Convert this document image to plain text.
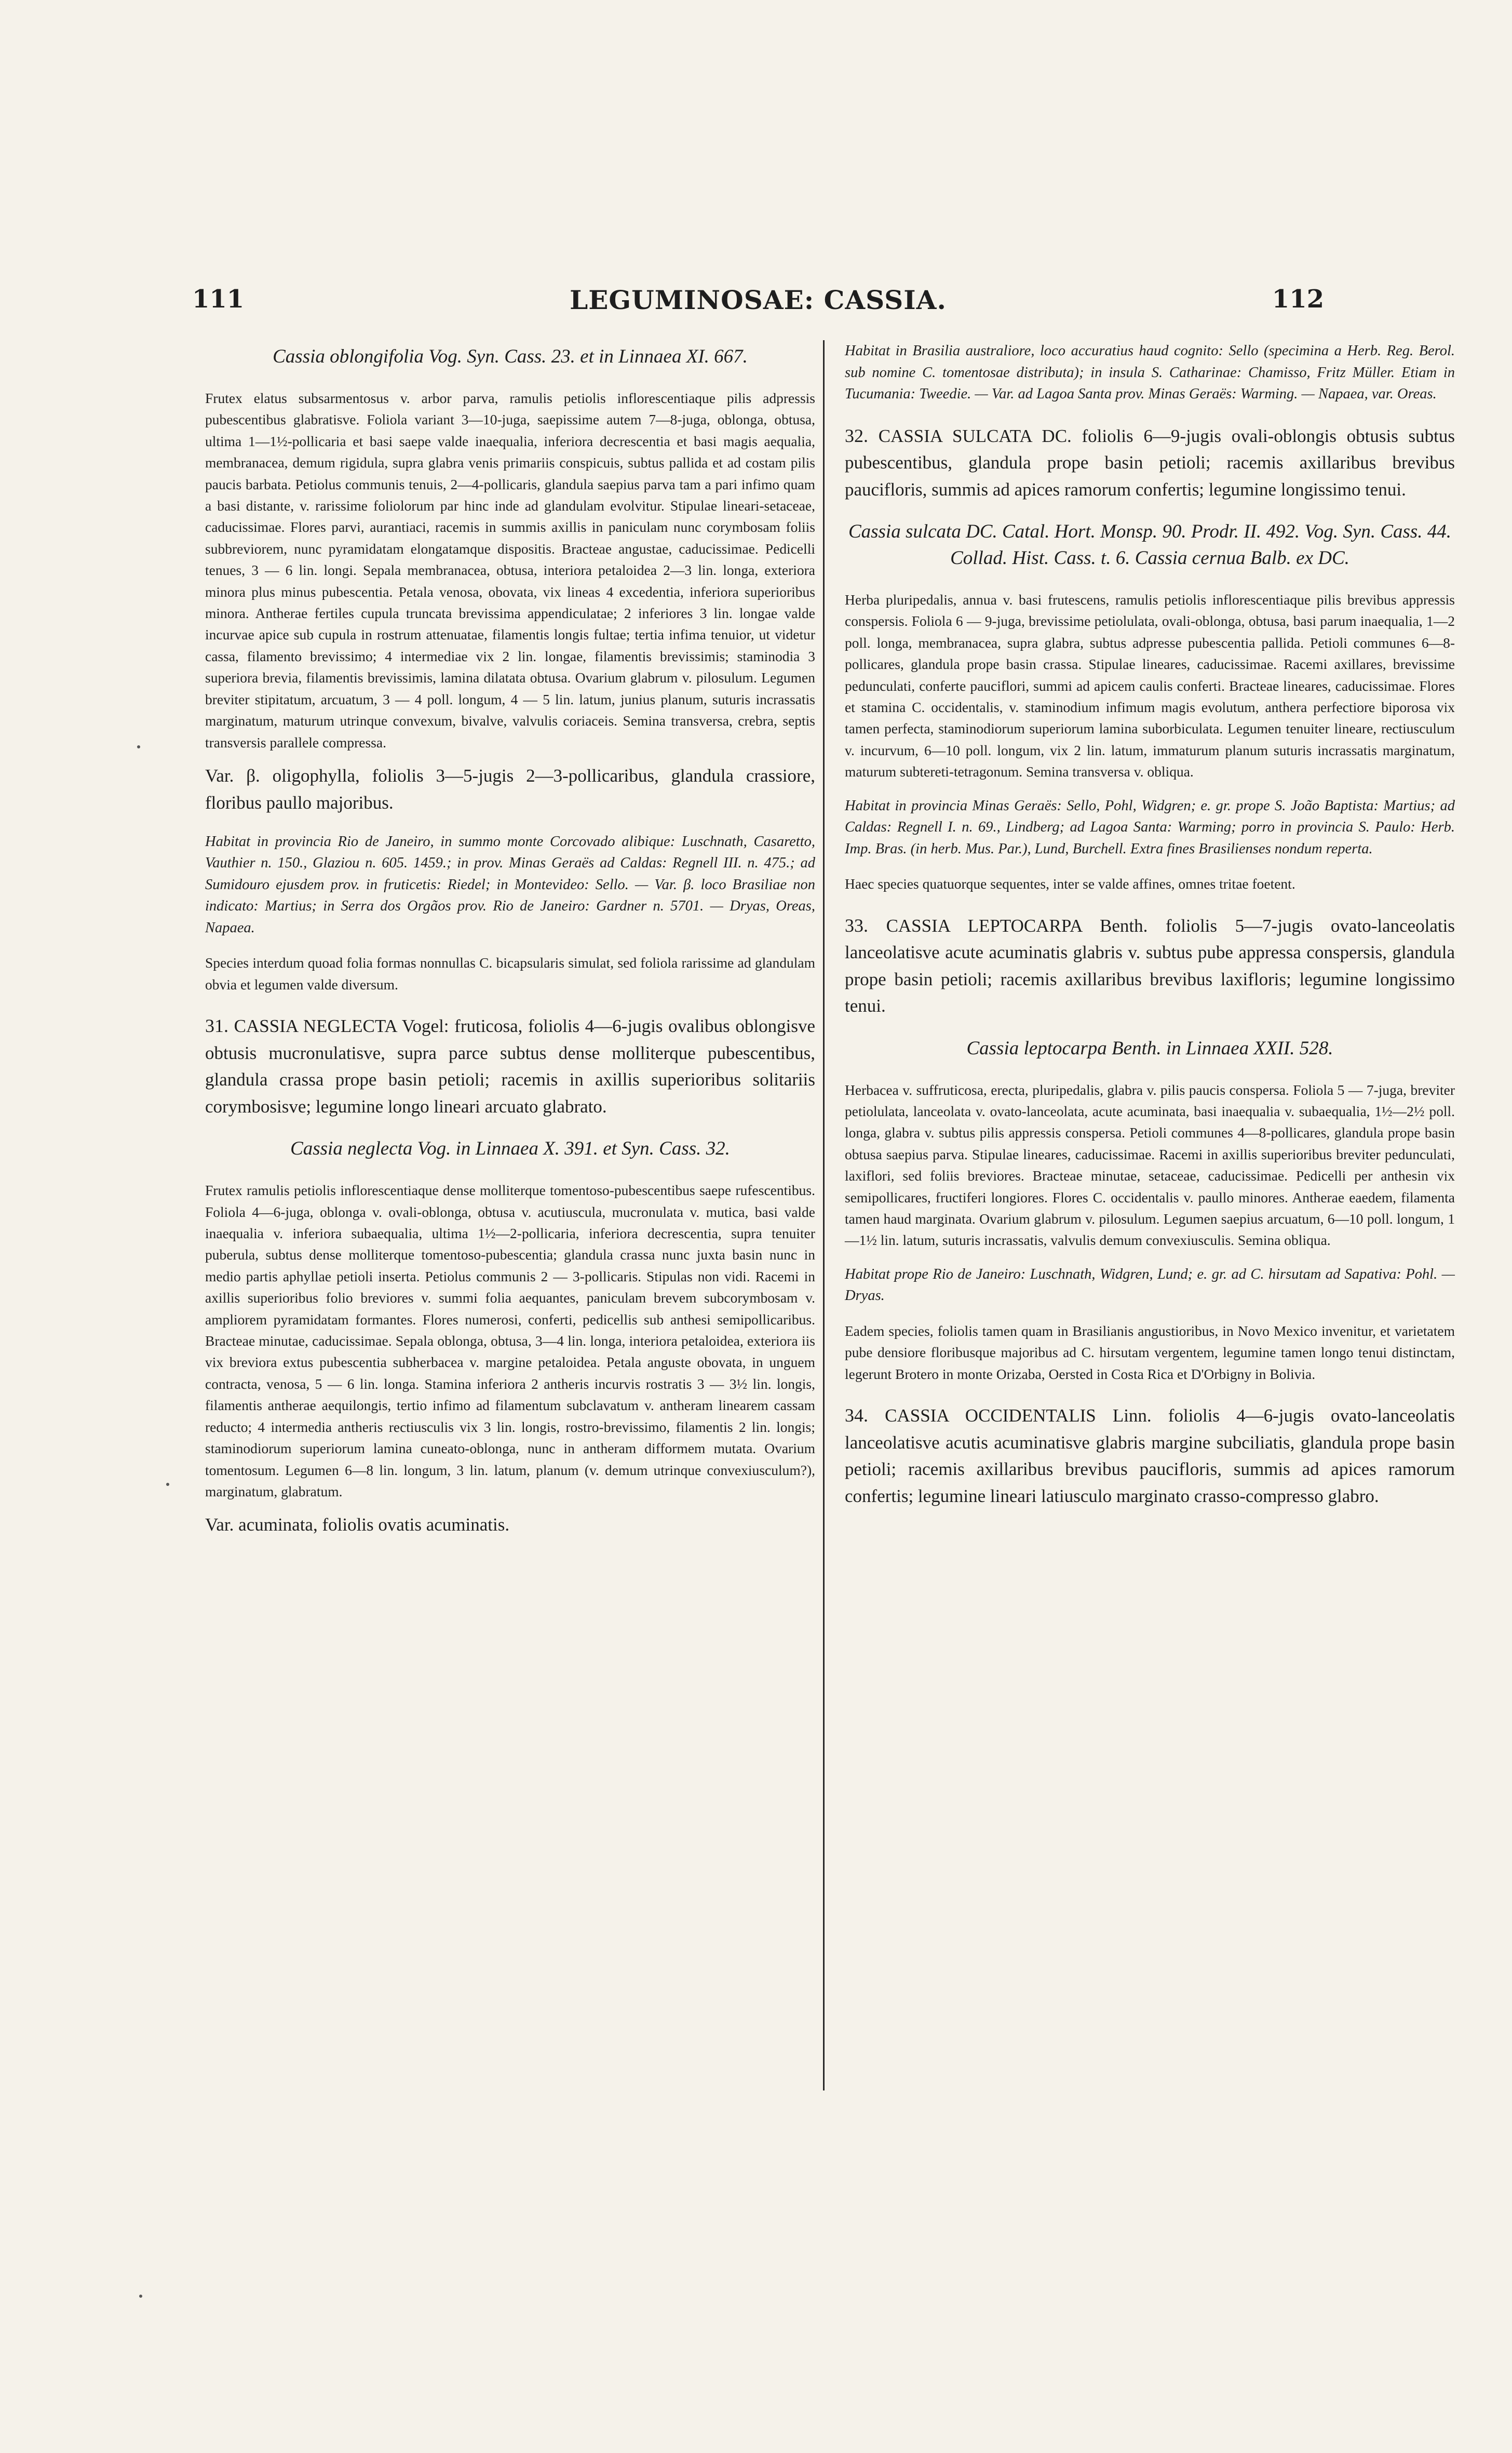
111	LEGUMINOSAE: CASSIA.	112

Cassia oblongifolia Vog. Syn. Cass. 23. et in Linnaea XI. 667.

Frutex elatus subsarmentosus v. arbor parva, ramulis petiolis inflorescentiaque pilis adpressis pubescentibus glabratisve. Foliola variant 3—10-juga, saepissime autem 7—8-juga, oblonga, obtusa, ultima 1—1½-pollicaria et basi saepe valde inaequalia, inferiora decrescentia et basi magis aequalia, membranacea, demum rigidula, supra glabra venis primariis conspicuis, subtus pallida et ad costam pilis paucis barbata. Petiolus communis tenuis, 2—4-pollicaris, glandula saepius parva tam a pari infimo quam a basi distante, v. rarissime foliolorum par hinc inde ad glandulam evolvitur. Stipulae lineari-setaceae, caducissimae. Flores parvi, aurantiaci, racemis in summis axillis in paniculam nunc corymbosam foliis subbreviorem, nunc pyramidatam elongatamque dispositis. Bracteae angustae, caducissimae. Pedicelli tenues, 3 — 6 lin. longi. Sepala membranacea, obtusa, interiora petaloidea 2—3 lin. longa, exteriora minora plus minus pubescentia. Petala venosa, obovata, vix lineas 4 excedentia, inferiora superioribus minora. Antherae fertiles cupula truncata brevissima appendiculatae; 2 inferiores 3 lin. longae valde incurvae apice sub cupula in rostrum attenuatae, filamentis longis fultae; tertia infima tenuior, ut videtur cassa, filamento brevissimo; 4 intermediae vix 2 lin. longae, filamentis brevissimis; staminodia 3 superiora brevia, filamentis brevissimis, lamina dilatata obtusa. Ovarium glabrum v. pilosulum. Legumen breviter stipitatum, arcuatum, 3 — 4 poll. longum, 4 — 5 lin. latum, junius planum, suturis incrassatis marginatum, maturum utrinque convexum, bivalve, valvulis coriaceis. Semina transversa, crebra, septis transversis parallele compressa.

Var. β. oligophylla, foliolis 3—5-jugis 2—3-pollicaribus, glandula crassiore, floribus paullo majoribus.

Habitat in provincia Rio de Janeiro, in summo monte Corcovado alibique: Luschnath, Casaretto, Vauthier n. 150., Glaziou n. 605. 1459.; in prov. Minas Geraës ad Caldas: Regnell III. n. 475.; ad Sumidouro ejusdem prov. in fruticetis: Riedel; in Montevideo: Sello. — Var. β. loco Brasiliae non indicato: Martius; in Serra dos Orgãos prov. Rio de Janeiro: Gardner n. 5701. — Dryas, Oreas, Napaea.

Species interdum quoad folia formas nonnullas C. bicapsularis simulat, sed foliola rarissime ad glandulam obvia et legumen valde diversum.

31. CASSIA NEGLECTA Vogel: fruticosa, foliolis 4—6-jugis ovalibus oblongisve obtusis mucronulatisve, supra parce subtus dense molliterque pubescentibus, glandula crassa prope basin petioli; racemis in axillis superioribus solitariis corymbosisve; legumine longo lineari arcuato glabrato.

Cassia neglecta Vog. in Linnaea X. 391. et Syn. Cass. 32.

Frutex ramulis petiolis inflorescentiaque dense molliterque tomentoso-pubescentibus saepe rufescentibus. Foliola 4—6-juga, oblonga v. ovali-oblonga, obtusa v. acutiuscula, mucronulata v. mutica, basi valde inaequalia v. inferiora subaequalia, ultima 1½—2-pollicaria, inferiora decrescentia, supra tenuiter puberula, subtus dense molliterque tomentoso-pubescentia; glandula crassa nunc juxta basin nunc in medio partis aphyllae petioli inserta. Petiolus communis 2 — 3-pollicaris. Stipulas non vidi. Racemi in axillis superioribus folio breviores v. summi folia aequantes, paniculam brevem subcorymbosam v. ampliorem pyramidatam formantes. Flores numerosi, conferti, pedicellis sub anthesi semipollicaribus. Bracteae minutae, caducissimae. Sepala oblonga, obtusa, 3—4 lin. longa, interiora petaloidea, exteriora iis vix breviora extus pubescentia subherbacea v. margine petaloidea. Petala anguste obovata, in unguem contracta, venosa, 5 — 6 lin. longa. Stamina inferiora 2 antheris incurvis rostratis 3 — 3½ lin. longis, filamentis antherae aequilongis, tertio infimo ad filamentum subclavatum v. antheram linearem cassam reducto; 4 intermedia antheris rectiusculis vix 3 lin. longis, rostro-brevissimo, filamentis 2 lin. longis; staminodiorum superiorum lamina cuneato-oblonga, nunc in antheram difformem mutata. Ovarium tomentosum. Legumen 6—8 lin. longum, 3 lin. latum, planum (v. demum utrinque convexiusculum?), marginatum, glabratum.

Var. acuminata, foliolis ovatis acuminatis.

Habitat in Brasilia australiore, loco accuratius haud cognito: Sello (specimina a Herb. Reg. Berol. sub nomine C. tomentosae distributa); in insula S. Catharinae: Chamisso, Fritz Müller. Etiam in Tucumania: Tweedie. — Var. ad Lagoa Santa prov. Minas Geraës: Warming. — Napaea, var. Oreas.

32. CASSIA SULCATA DC. foliolis 6—9-jugis ovali-oblongis obtusis subtus pubescentibus, glandula prope basin petioli; racemis axillaribus brevibus paucifloris, summis ad apices ramorum confertis; legumine longissimo tenui.

Cassia sulcata DC. Catal. Hort. Monsp. 90. Prodr. II. 492. Vog. Syn. Cass. 44. Collad. Hist. Cass. t. 6. Cassia cernua Balb. ex DC.

Herba pluripedalis, annua v. basi frutescens, ramulis petiolis inflorescentiaque pilis brevibus appressis conspersis. Foliola 6 — 9-juga, brevissime petiolulata, ovali-oblonga, obtusa, basi parum inaequalia, 1—2 poll. longa, membranacea, supra glabra, subtus adpresse pubescentia pallida. Petioli communes 6—8-pollicares, glandula prope basin crassa. Stipulae lineares, caducissimae. Racemi axillares, brevissime pedunculati, conferte pauciflori, summi ad apicem caulis conferti. Bracteae lineares, caducissimae. Flores et stamina C. occidentalis, v. staminodium infimum magis evolutum, anthera perfectiore biporosa vix tamen perfecta, staminodiorum superiorum lamina suborbiculata. Legumen tenuiter lineare, rectiusculum v. incurvum, 6—10 poll. longum, vix 2 lin. latum, immaturum planum suturis incrassatis marginatum, maturum subtereti-tetragonum. Semina transversa v. obliqua.

Habitat in provincia Minas Geraës: Sello, Pohl, Widgren; e. gr. prope S. João Baptista: Martius; ad Caldas: Regnell I. n. 69., Lindberg; ad Lagoa Santa: Warming; porro in provincia S. Paulo: Herb. Imp. Bras. (in herb. Mus. Par.), Lund, Burchell. Extra fines Brasilienses nondum reperta.

Haec species quatuorque sequentes, inter se valde affines, omnes tritae foetent.

33. CASSIA LEPTOCARPA Benth. foliolis 5—7-jugis ovato-lanceolatis lanceolatisve acute acuminatis glabris v. subtus pube appressa conspersis, glandula prope basin petioli; racemis axillaribus brevibus laxifloris; legumine longissimo tenui.

Cassia leptocarpa Benth. in Linnaea XXII. 528.

Herbacea v. suffruticosa, erecta, pluripedalis, glabra v. pilis paucis conspersa. Foliola 5 — 7-juga, breviter petiolulata, lanceolata v. ovato-lanceolata, acute acuminata, basi inaequalia v. subaequalia, 1½—2½ poll. longa, glabra v. subtus pilis appressis conspersa. Petioli communes 4—8-pollicares, glandula prope basin obtusa saepius parva. Stipulae lineares, caducissimae. Racemi in axillis superioribus breviter pedunculati, laxiflori, sed foliis breviores. Bracteae minutae, setaceae, caducissimae. Pedicelli per anthesin vix semipollicares, fructiferi longiores. Flores C. occidentalis v. paullo minores. Antherae eaedem, filamenta tamen haud marginata. Ovarium glabrum v. pilosulum. Legumen saepius arcuatum, 6—10 poll. longum, 1—1½ lin. latum, suturis incrassatis, valvulis demum convexiusculis. Semina obliqua.

Habitat prope Rio de Janeiro: Luschnath, Widgren, Lund; e. gr. ad C. hirsutam ad Sapativa: Pohl. — Dryas.

Eadem species, foliolis tamen quam in Brasilianis angustioribus, in Novo Mexico invenitur, et varietatem pube densiore floribusque majoribus ad C. hirsutam vergentem, legumine tamen longo tenui distinctam, legerunt Brotero in monte Orizaba, Oersted in Costa Rica et D'Orbigny in Bolivia.

34. CASSIA OCCIDENTALIS Linn. foliolis 4—6-jugis ovato-lanceolatis lanceolatisve acutis acuminatisve glabris margine subciliatis, glandula prope basin petioli; racemis axillaribus brevibus paucifloris, summis ad apices ramorum confertis; legumine lineari latiusculo marginato crasso-compresso glabro.
